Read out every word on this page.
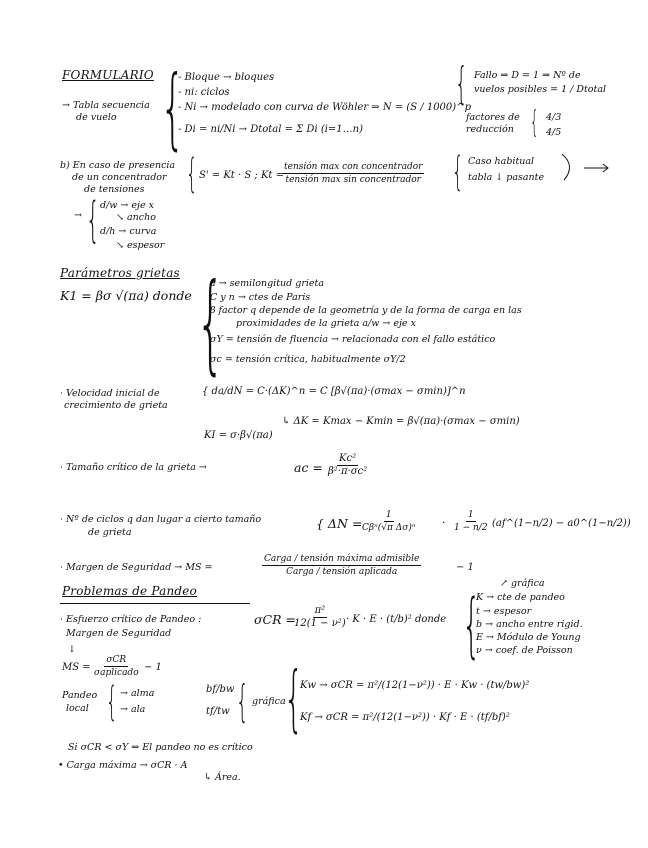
FORMULARIO
→ Tabla secuencia
de vuelo {
- Bloque → bloques
- ni: ciclos
- Ni → modelado con curva de Wöhler ⇒ N = (S / 1000)^p
- Di = ni/Ni → Dtotal = Σ Di (i=1…n)
{ Fallo ⇒ D = 1 ⇒ Nº de
vuelos posibles = 1 / Dtotal
factores de
reducción { 4/3
4/5
b) En caso de presencia
de un concentrador
de tensiones { S' = Kt · S ; Kt =
tensión max con concentrador
tensión max sin concentrador { Caso habitual
tabla ↓ pasante
→ { d/w → eje x
↘ ancho
d/h → curva
↘ espesor
Parámetros grietas
K1 = βσ √(πa) donde {
a → semilongitud grieta
C y n → ctes de Paris
β factor q depende de la geometría y de la forma de carga en las
proximidades de la grieta a/w → eje x
σY = tensión de fluencia → relacionada con el fallo estático
σc = tensión crítica, habitualmente σY/2
· Velocidad inicial de
crecimiento de grieta
{ da/dN = C·(ΔK)^n = C [β√(πa)·(σmax − σmin)]^n
↳ ΔK = Kmax − Kmin = β√(πa)·(σmax − σmin)
KI = σ·β√(πa)
· Tamaño crítico de la grieta →	ac = $\frac{\text{Kc²}}{\text{β²·π·σc²}}$
· Nº de ciclos q dan lugar a cierto tamaño
de grieta
{ ΔN =
1
Cβⁿ(√π Δσ)ⁿ	· $\frac{1}{1 - n/2}$ (af^(1−n/2) − a0^(1−n/2))
· Margen de Seguridad → MS =
Carga / tensión máxima admisible
Carga / tensión aplicada	− 1
Problemas de Pandeo
· Esfuerzo crítico de Pandeo :
Margen de Seguridad
σCR =
$\frac{\text{π²}}{\text{12(1 − ν²)}}$
· K · E · (t/b)² donde {
↗ gráfica
K → cte de pandeo
t → espesor
b → ancho entre rigid.
E → Módulo de Young
ν → coef. de Poisson
↓
MS =
σCR
σaplicado − 1
Pandeo
local { → alma
→ ala
bf/bw
tf/tw { gráfica
{
Kw → σCR = π²/(12(1−ν²)) · E · Kw · (tw/bw)²
Kf → σCR = π²/(12(1−ν²)) · Kf · E · (tf/bf)²
Si σCR < σY ⇒ El pandeo no es crítico
• Carga máxima → σCR · A
↳ Área.
